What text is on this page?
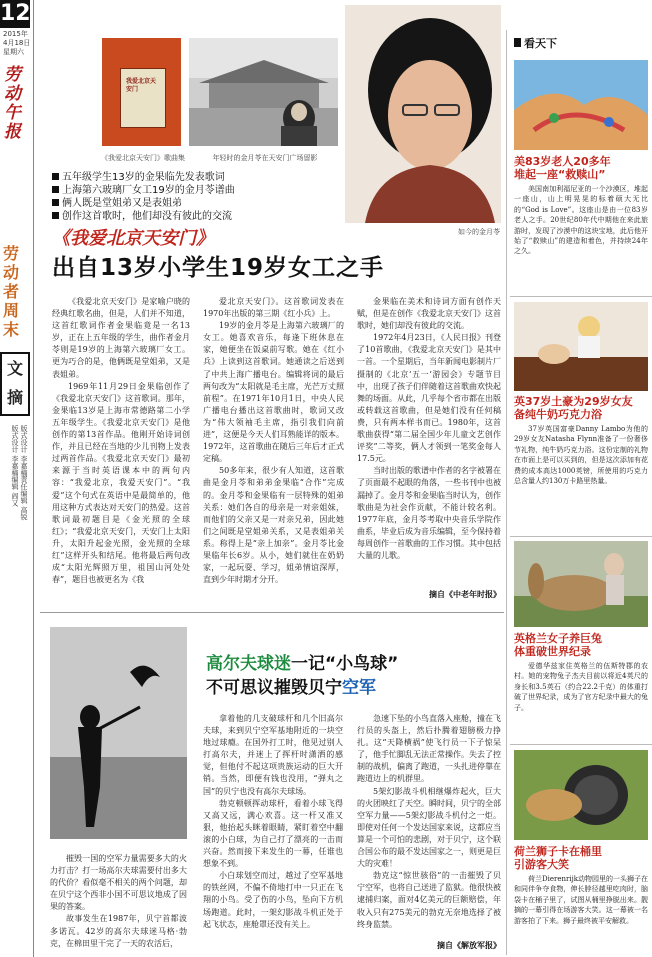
12
2015年
4月18日
星期六
劳动午报
劳动者周末
文摘
版式设计 李嘉楠
版式设计 李嘉楠
责任编辑 高锐
编辑 阎又
我爱北京天安门
《我爱北京天安门》歌曲集	年轻时的金月苓在天安门广场留影
如今的金月苓
五年级学生13岁的金果临先发表歌词
上海第六玻璃厂女工19岁的金月苓谱曲
俩人既是堂姐弟又是表姐弟
创作这首歌时，他们却没有彼此的交流
《我爱北京天安门》
出自13岁小学生19岁女工之手

《我爱北京天安门》是家喻户晓的经典红歌名曲，但是，人们并不知道，这首红歌词作者金果临竟是一名13岁，正在上五年级的学生，曲作者金月苓则是19岁的上海第六玻璃厂女工。更为巧合的是，他俩既是堂姐弟，又是表姐弟。

1969年11月29日金果临创作了《我爱北京天安门》这首歌词。那年，金果临13岁是上海市常德路第二小学五年级学生。《我爱北京天安门》是他创作的第13首作品。他刚开始诗词创作，并且已经在当地的少儿刊物上发表过两首作品。《我爱北京天安门》最初来源于当时英语课本中的两句内容：“我爱北京，我爱天安门”。“我爱”这个句式在英语中是最简单的，他用这种方式表达对天安门的热爱。这首歌词最初题目是《金光照的全球红》；“我爱北京天安门，天安门上太阳升，太阳升起金光照，金光照的全球红”这样开头和结尾。他将最后两句改成“太阳光辉照万里，祖国山河处处春”，题目也被更名为《我

爱北京天安门》。这首歌词发表在1970年出版的第三期《红小兵》上。

19岁的金月苓是上海第六玻璃厂的女工。她喜欢音乐，每逢下班休息在家，她便坐在饭桌前写歌。她在《红小兵》上读到这首歌词。她通读之后送到了中共上海广播电台。编辑将词的最后两句改为“太阳就是毛主席，光芒万丈照前程”。在1971年10月1日，中央人民广播电台播出这首歌曲时，歌词又改为“伟大领袖毛主席，指引我们向前进”，这便是今天人们耳熟能详的版本。1972年，这首歌曲在随后三年后才正式定稿。

50多年来，很少有人知道，这首歌曲是金月苓和弟弟金果临“合作”完成的。金月苓和金果临有一层特殊的姐弟关系：她们各自的母亲是一对亲姐妹，而他们的父亲又是一对亲兄弟，因此她们之间既是堂姐弟关系，又是表姐弟关系。称得上是“亲上加亲”。金月苓比金果临年长6岁。从小，她们就住在奶奶家，一起玩耍、学习，姐弟情谊深厚，直到少年时期才分开。

金果临在美术和诗词方面有创作天赋，但是在创作《我爱北京天安门》这首歌时，她们却没有彼此的交流。

1972年4月23日，《人民日报》刊登了10首歌曲，《我爱北京天安门》是其中一首。一个星期后，当年新闻电影制片厂摄制的《北京‘五一’游园会》专题节目中，出现了孩子们伴随着这首歌曲欢快起舞的场面。从此，几乎每个省市都在出版或转载这首歌曲，但是她们没有任何稿费，只有两本样书而已。1980年，这首歌曲获得“第二届全国少年儿童文艺创作评奖”二等奖，俩人才领到一笔奖金每人17.5元。

当时出版的歌谱中作者的名字被署在了页面最不起眼的角落，一些书刊中也被漏掉了。金月苓和金果临当时认为，创作歌曲是为社会作贡献，不能计较名利。1977年底，金月苓考取中央音乐学院作曲系，毕业后成为音乐编辑，至今保持着每周创作一首歌曲的工作习惯。其中包括大量的儿歌。

摘自《中老年时报》
高尔夫球迷一记“小鸟球”
不可思议摧毁贝宁空军

摧毁一国的空军力量需要多大的火力打击？打一场高尔夫球需要付出多大的代价？看似毫不相关的两个问题，却在贝宁这个西非小国不可思议地成了因果的答案。

故事发生在1987年，贝宁首都波多诺瓦。42岁的高尔夫球迷马格·勃克，在棉田里干完了一天的农活后，

拿着他的几支破球杆和几个旧高尔夫球，来到贝宁空军基地附近的一块空地过球瘾。在国外打工时，他见过别人打高尔夫，并迷上了挥杆时潇洒的感觉，但他付不起这项贵族运动的巨大开销。当然，即便有钱也没用，“弹丸之国”的贝宁也没有高尔夫球场。

勃克顿顿挥动球杆，看着小球飞得又高又远，满心欢喜。这一杆又准又狠，他抬起头眯着眼睛，紧盯着空中翻滚的小白球，为自己打了漂亮的一击而兴奋。然而接下来发生的一幕，任谁也想象不到。

小白球划空而过，越过了空军基地的铁丝网，不偏不倚地打中一只正在飞翔的小鸟。受了伤的小鸟，坠向下方机场跑道。此时，一架幻影战斗机正处于起飞状态，座舱罩还没有关上。

急速下坠的小鸟直落入座舱，撞在飞行员的头盔上，然后扑腾着翅膀极力挣扎。这“天降横祸”使飞行员一下子惊呆了，他手忙脚乱无法正常操作。失去了控制的战机，偏离了跑道，一头扎进停靠在跑道边上的机群里。

5架幻影战斗机相继爆炸起火，巨大的火团映红了天空。瞬时间，贝宁的全部空军力量——5架幻影战斗机付之一炬。即使对任何一个发达国家来说，这都应当算是一个可怕的悲剧，对于贝宁，这个联合国公布的最不发达国家之一，则更是巨大的灾难！

勃克这“惊世骇俗”的一击摧毁了贝宁空军，也将自己送进了监狱。他很快被逮捕归案，面对4亿美元的巨额赔偿，年收入只有275美元的勃克无奈地选择了被终身监禁。

摘自《解放军报》
看天下
美83岁老人20多年
堆起一座“救赎山”

美国南加利福尼亚的一个沙漠区，堆起一座山，山上明晃晃的标着硕大无比的“God is Love”。这座山是由一位83岁老人之手。20世纪80年代中期他在来此旅游时，发现了沙漠中的这块宝地，此后他开始了“救赎山”的建造和着色，并持续24年之久。

英37岁土豪为29岁女友
备纯牛奶巧克力浴

37岁英国富豪Danny Lambo为他的29岁女友Natasha Flynn准备了一份奢侈节礼物，纯牛奶巧克力浴。这份定制的礼物在市面上是可以买到的，但是这次添加有花费的成本高达1000英镑，所使用的巧克力总含量人约130万卡路里热量。

英格兰女子养巨兔
体重破世界纪录

爱德华兹家住英格兰的伍斯特郡的农村。她的宠物兔子杰夫目前以将近4英尺的身长和3.5英石（约合22.2千克）的体重打破了世界纪录，成为了官方纪录中最大的兔子。

荷兰狮子卡在桶里
引游客大笑

荷兰Dierenrijk动物园里的一头狮子在和同伴争夺食物，伸长脖径越里吃肉时，脑袋卡在桶子里了，试图从桶里挣脱出来。靓摘的一幕引得在场游客大笑。这一幕被一名游客拍了下来。狮子最终被平安解救。
